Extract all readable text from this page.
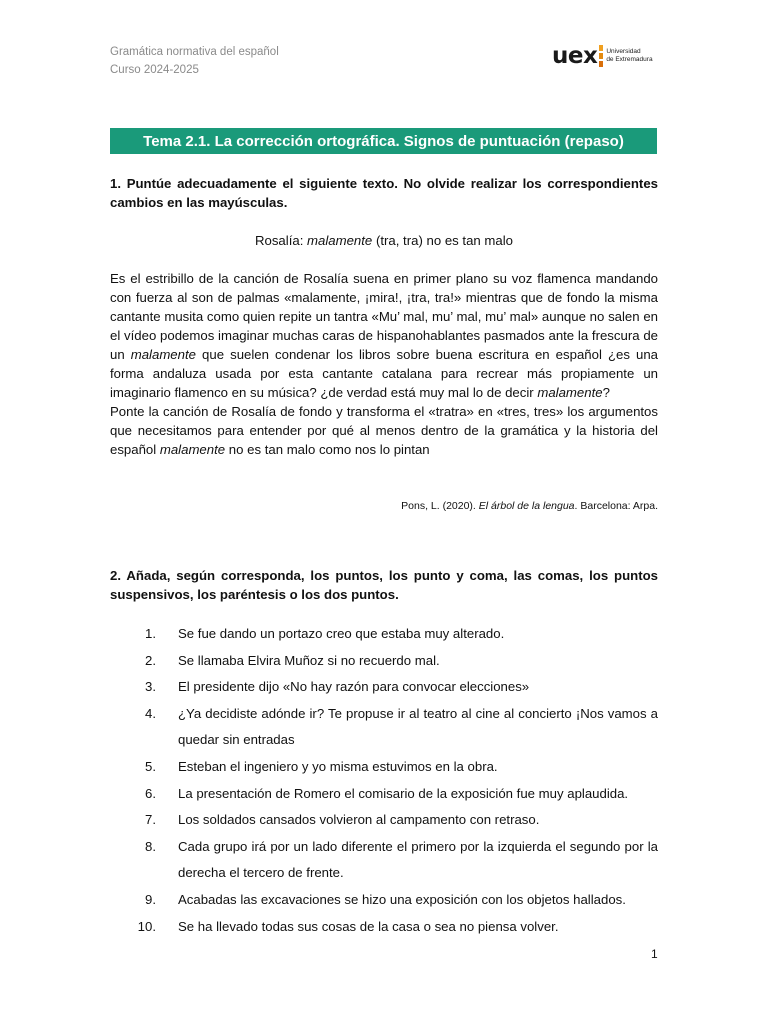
Gramática normativa del español
Curso 2024-2025
uex Universidad
de Extremadura
Tema 2.1. La corrección ortográfica. Signos de puntuación (repaso)
1. Puntúe adecuadamente el siguiente texto. No olvide realizar los correspondientes cambios en las mayúsculas.
Rosalía: malamente (tra, tra) no es tan malo

Es el estribillo de la canción de Rosalía suena en primer plano su voz flamenca mandando con fuerza al son de palmas «malamente, ¡mira!, ¡tra, tra!» mientras que de fondo la misma cantante musita como quien repite un tantra «Mu’ mal, mu’ mal, mu’ mal» aunque no salen en el vídeo podemos imaginar muchas caras de hispanohablantes pasmados ante la frescura de un malamente que suelen condenar los libros sobre buena escritura en español ¿es una forma andaluza usada por esta cantante catalana para recrear más propiamente un imaginario flamenco en su música? ¿de verdad está muy mal lo de decir malamente?

Ponte la canción de Rosalía de fondo y transforma el «tratra» en «tres, tres» los argumentos que necesitamos para entender por qué al menos dentro de la gramática y la historia del español malamente no es tan malo como nos lo pintan

Pons, L. (2020). El árbol de la lengua. Barcelona: Arpa.
2. Añada, según corresponda, los puntos, los punto y coma, las comas, los puntos suspensivos, los paréntesis o los dos puntos.
1. Se fue dando un portazo creo que estaba muy alterado.
2. Se llamaba Elvira Muñoz si no recuerdo mal.
3. El presidente dijo «No hay razón para convocar elecciones»
4. ¿Ya decidiste adónde ir? Te propuse ir al teatro al cine al concierto ¡Nos vamos a quedar sin entradas
5. Esteban el ingeniero y yo misma estuvimos en la obra.
6. La presentación de Romero el comisario de la exposición fue muy aplaudida.
7. Los soldados cansados volvieron al campamento con retraso.
8. Cada grupo irá por un lado diferente el primero por la izquierda el segundo por la derecha el tercero de frente.
9. Acabadas las excavaciones se hizo una exposición con los objetos hallados.
10. Se ha llevado todas sus cosas de la casa o sea no piensa volver.
1
